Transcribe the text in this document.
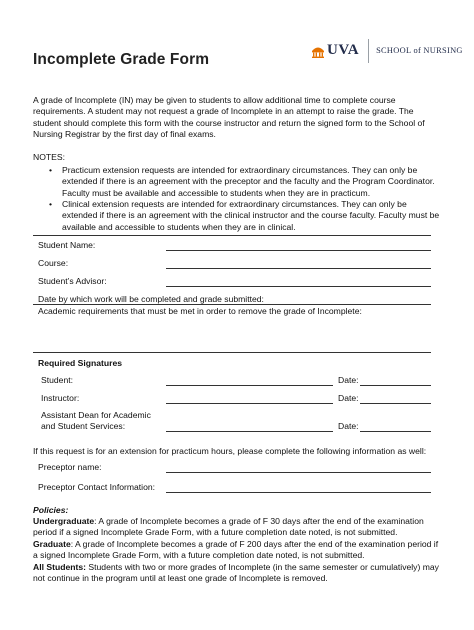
Incomplete Grade Form
UVA SCHOOL of NURSING

A grade of Incomplete (IN) may be given to students to allow additional time to complete course requirements. A student may not request a grade of Incomplete in an attempt to raise the grade. The student should complete this form with the course instructor and return the signed form to the School of Nursing Registrar by the first day of final exams.

NOTES:
• Practicum extension requests are intended for extraordinary circumstances. They can only be extended if there is an agreement with the preceptor and the faculty and the Program Coordinator. Faculty must be available and accessible to students when they are in practicum.
• Clinical extension requests are intended for extraordinary circumstances. They can only be extended if there is an agreement with the clinical instructor and the course faculty. Faculty must be available and accessible to students when they are in clinical.
Student Name:
Course:
Student’s Advisor:
Date by which work will be completed and grade submitted:
Academic requirements that must be met in order to remove the grade of Incomplete:
Required Signatures
Student:	Date:
Instructor:	Date:
Assistant Dean for Academic
and Student Services:	Date:
If this request is for an extension for practicum hours, please complete the following information as well:
Preceptor name:
Preceptor Contact Information:
Policies:

Undergraduate: A grade of Incomplete becomes a grade of F 30 days after the end of the examination period if a signed Incomplete Grade Form, with a future completion date noted, is not submitted.

Graduate: A grade of Incomplete becomes a grade of F 200 days after the end of the examination period if a signed Incomplete Grade Form, with a future completion date noted, is not submitted.

All Students: Students with two or more grades of Incomplete (in the same semester or cumulatively) may not continue in the program until at least one grade of Incomplete is removed.
